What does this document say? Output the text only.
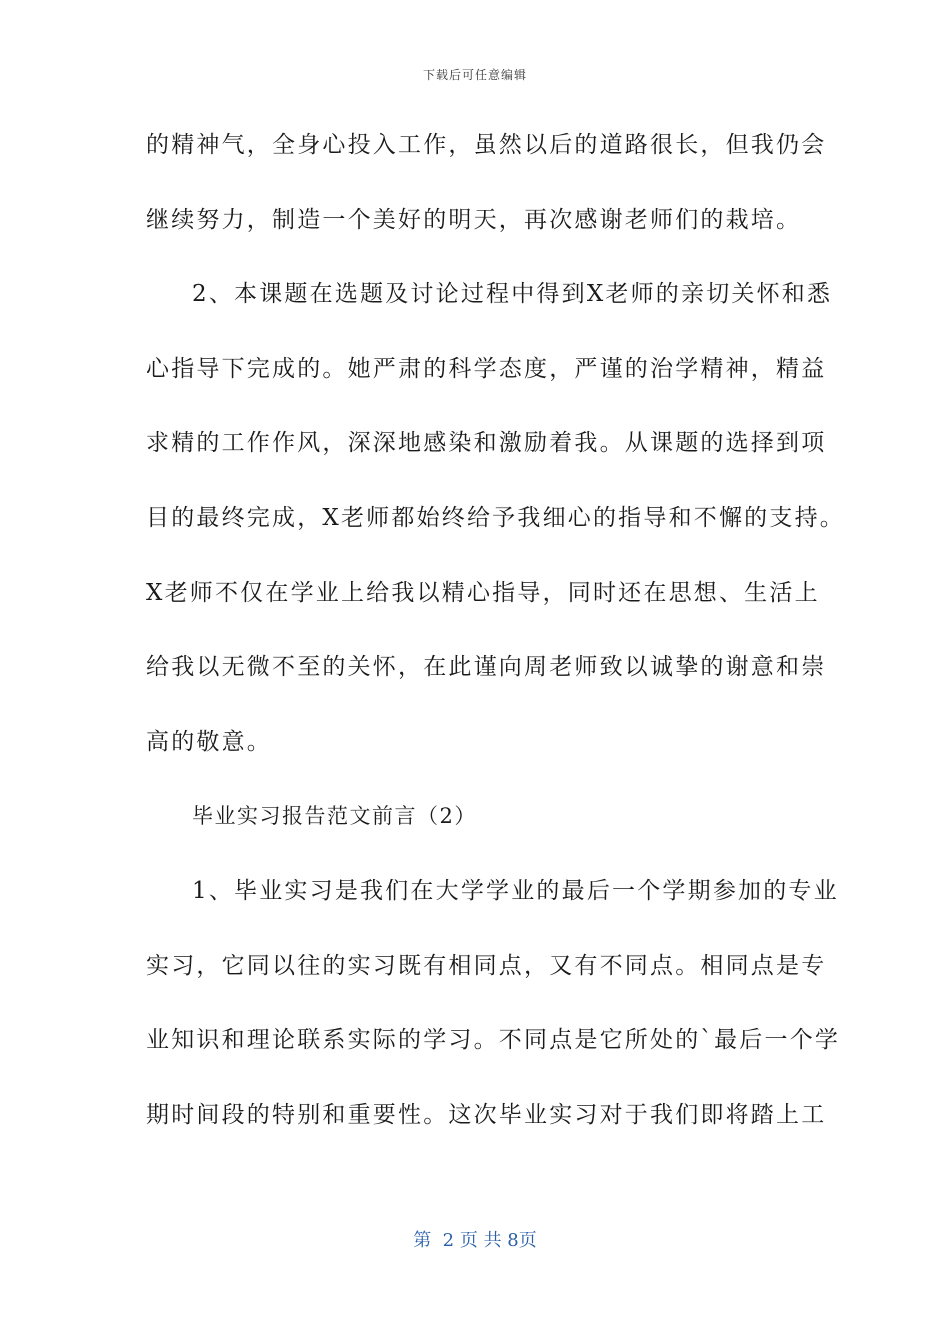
下载后可任意编辑
的精神气，全身心投入工作，虽然以后的道路很长，但我仍会
继续努力，制造一个美好的明天，再次感谢老师们的栽培。
2、本课题在选题及讨论过程中得到X老师的亲切关怀和悉
心指导下完成的。她严肃的科学态度，严谨的治学精神，精益
求精的工作作风，深深地感染和激励着我。从课题的选择到项
目的最终完成，X老师都始终给予我细心的指导和不懈的支持。
X老师不仅在学业上给我以精心指导，同时还在思想、生活上
给我以无微不至的关怀，在此谨向周老师致以诚挚的谢意和崇
高的敬意。
毕业实习报告范文前言（2）
1、毕业实习是我们在大学学业的最后一个学期参加的专业
实习，它同以往的实习既有相同点，又有不同点。相同点是专
业知识和理论联系实际的学习。不同点是它所处的`最后一个学
期时间段的特别和重要性。这次毕业实习对于我们即将踏上工
第  2 页 共 8页
